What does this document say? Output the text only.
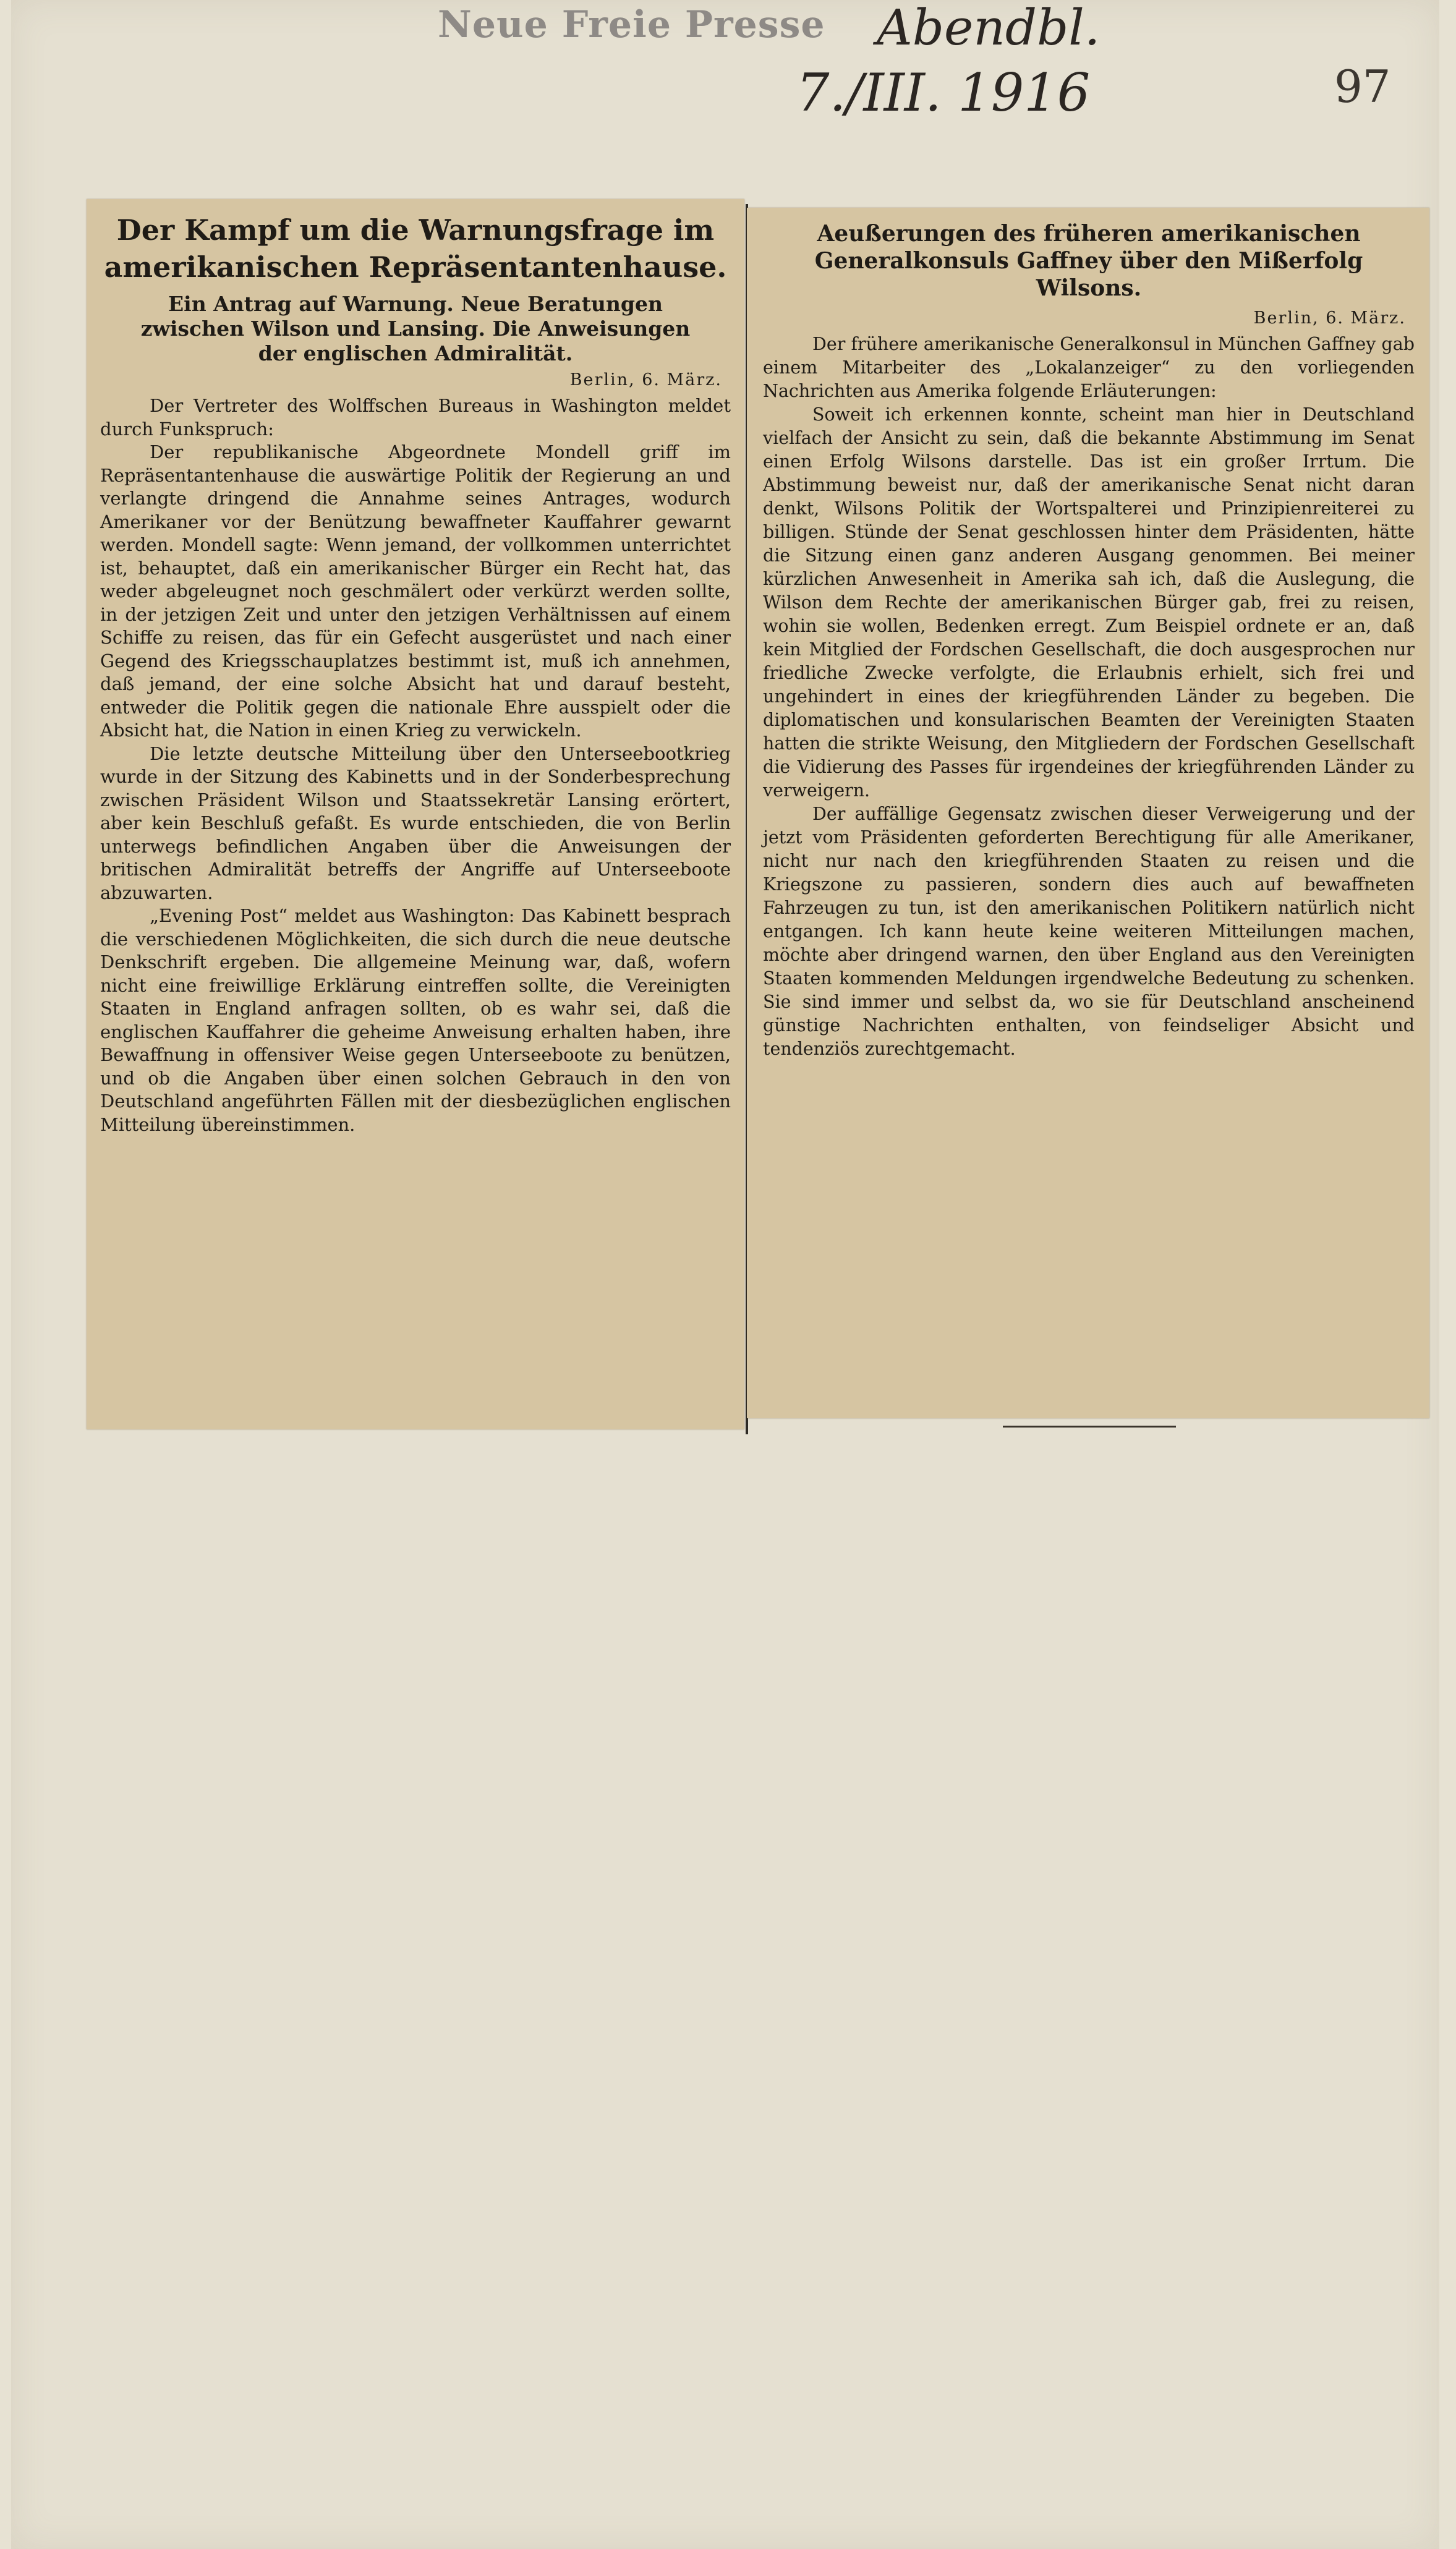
Neue Freie Presse Abendbl.
7./III. 1916	97
Der Kampf um die Warnungsfrage im
amerikanischen Repräsentantenhause.
Ein Antrag auf Warnung. Neue Beratungen
zwischen Wilson und Lansing. Die Anweisungen
der englischen Admiralität.
Berlin, 6. März.

Der Vertreter des Wolffschen Bureaus in Washington meldet durch Funkspruch:

Der republikanische Abgeordnete Mondell griff im Repräsentantenhause die auswärtige Politik der Regierung an und verlangte dringend die Annahme seines Antrages, wodurch Amerikaner vor der Benützung bewaffneter Kauffahrer gewarnt werden. Mondell sagte: Wenn jemand, der vollkommen unterrichtet ist, behauptet, daß ein amerikanischer Bürger ein Recht hat, das weder abgeleugnet noch geschmälert oder verkürzt werden sollte, in der jetzigen Zeit und unter den jetzigen Verhältnissen auf einem Schiffe zu reisen, das für ein Gefecht ausgerüstet und nach einer Gegend des Kriegsschauplatzes bestimmt ist, muß ich annehmen, daß jemand, der eine solche Absicht hat und darauf besteht, entweder die Politik gegen die nationale Ehre ausspielt oder die Absicht hat, die Nation in einen Krieg zu verwickeln.

Die letzte deutsche Mitteilung über den Unterseebootkrieg wurde in der Sitzung des Kabinetts und in der Sonderbesprechung zwischen Präsident Wilson und Staatssekretär Lansing erörtert, aber kein Beschluß gefaßt. Es wurde entschieden, die von Berlin unterwegs befindlichen Angaben über die Anweisungen der britischen Admiralität betreffs der Angriffe auf Unterseeboote abzuwarten.

„Evening Post“ meldet aus Washington: Das Kabinett besprach die verschiedenen Möglichkeiten, die sich durch die neue deutsche Denkschrift ergeben. Die allgemeine Meinung war, daß, wofern nicht eine freiwillige Erklärung eintreffen sollte, die Vereinigten Staaten in England anfragen sollten, ob es wahr sei, daß die englischen Kauffahrer die geheime Anweisung erhalten haben, ihre Bewaffnung in offensiver Weise gegen Unterseeboote zu benützen, und ob die Angaben über einen solchen Gebrauch in den von Deutschland angeführten Fällen mit der diesbezüglichen englischen Mitteilung übereinstimmen.

Aeußerungen des früheren amerikanischen
Generalkonsuls Gaffney über den Mißerfolg
Wilsons.
Berlin, 6. März.

Der frühere amerikanische Generalkonsul in München Gaffney gab einem Mitarbeiter des „Lokalanzeiger“ zu den vorliegenden Nachrichten aus Amerika folgende Erläuterungen:

Soweit ich erkennen konnte, scheint man hier in Deutschland vielfach der Ansicht zu sein, daß die bekannte Abstimmung im Senat einen Erfolg Wilsons darstelle. Das ist ein großer Irrtum. Die Abstimmung beweist nur, daß der amerikanische Senat nicht daran denkt, Wilsons Politik der Wortspalterei und Prinzipienreiterei zu billigen. Stünde der Senat geschlossen hinter dem Präsidenten, hätte die Sitzung einen ganz anderen Ausgang genommen. Bei meiner kürzlichen Anwesenheit in Amerika sah ich, daß die Auslegung, die Wilson dem Rechte der amerikanischen Bürger gab, frei zu reisen, wohin sie wollen, Bedenken erregt. Zum Beispiel ordnete er an, daß kein Mitglied der Fordschen Gesellschaft, die doch ausgesprochen nur friedliche Zwecke verfolgte, die Erlaubnis erhielt, sich frei und ungehindert in eines der kriegführenden Länder zu begeben. Die diplomatischen und konsularischen Beamten der Vereinigten Staaten hatten die strikte Weisung, den Mitgliedern der Fordschen Gesellschaft die Vidierung des Passes für irgendeines der kriegführenden Länder zu verweigern.

Der auffällige Gegensatz zwischen dieser Verweigerung und der jetzt vom Präsidenten geforderten Berechtigung für alle Amerikaner, nicht nur nach den kriegführenden Staaten zu reisen und die Kriegszone zu passieren, sondern dies auch auf bewaffneten Fahrzeugen zu tun, ist den amerikanischen Politikern natürlich nicht entgangen. Ich kann heute keine weiteren Mitteilungen machen, möchte aber dringend warnen, den über England aus den Vereinigten Staaten kommenden Meldungen irgendwelche Bedeutung zu schenken. Sie sind immer und selbst da, wo sie für Deutschland anscheinend günstige Nachrichten enthalten, von feindseliger Absicht und tendenziös zurechtgemacht.
